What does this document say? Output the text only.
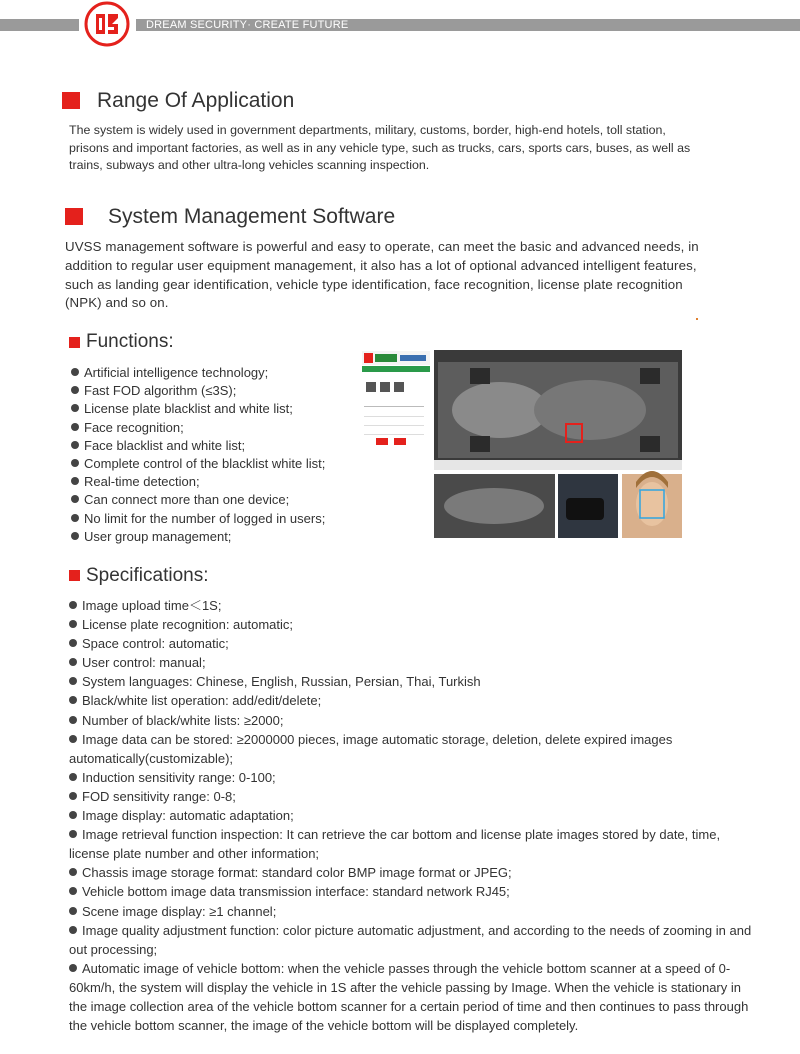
DREAM SECURITY· CREATE FUTURE
Range Of Application

The system is widely used in government departments, military, customs, border, high-end hotels, toll station, prisons and important factories, as well as in any vehicle type, such as trucks, cars, sports cars, buses, as well as trains, subways and other ultra-long vehicles scanning inspection.

System Management Software

UVSS management software is powerful and easy to operate, can meet the basic and advanced needs, in addition to regular user equipment management, it also has a lot of optional advanced intelligent features, such as landing gear identification, vehicle type identification, face recognition, license plate recognition (NPK) and so on.

Functions:
Artificial intelligence technology;
Fast FOD algorithm (≤3S);
License plate blacklist and white list;
Face recognition;
Face blacklist and white list;
Complete control of the blacklist white list;
Real-time detection;
Can connect more than one device;
No limit for the number of logged in users;
User group management;
Specifications:
Image upload time＜1S;
License plate recognition: automatic;
Space control: automatic;
User control: manual;
System languages: Chinese, English, Russian, Persian, Thai, Turkish
Black/white list operation: add/edit/delete;
Number of black/white lists: ≥2000;
Image data can be stored: ≥2000000 pieces, image automatic storage, deletion, delete expired images automatically(customizable);
Induction sensitivity range: 0-100;
FOD sensitivity range: 0-8;
Image display: automatic adaptation;
Image retrieval function inspection: It can retrieve the car bottom and license plate images stored by date, time, license plate number and other information;
Chassis image storage format: standard color BMP image format or JPEG;
Vehicle bottom image data transmission interface: standard network RJ45;
Scene image display: ≥1 channel;
Image quality adjustment function: color picture automatic adjustment, and according to the needs of zooming in and out processing;
Automatic image of vehicle bottom: when the vehicle passes through the vehicle bottom scanner at a speed of 0-60km/h, the system will display the vehicle in 1S after the vehicle passing by Image. When the vehicle is stationary in the image collection area of the vehicle bottom scanner for a certain period of time and then continues to pass through the vehicle bottom scanner, the image of the vehicle bottom will be displayed completely.
